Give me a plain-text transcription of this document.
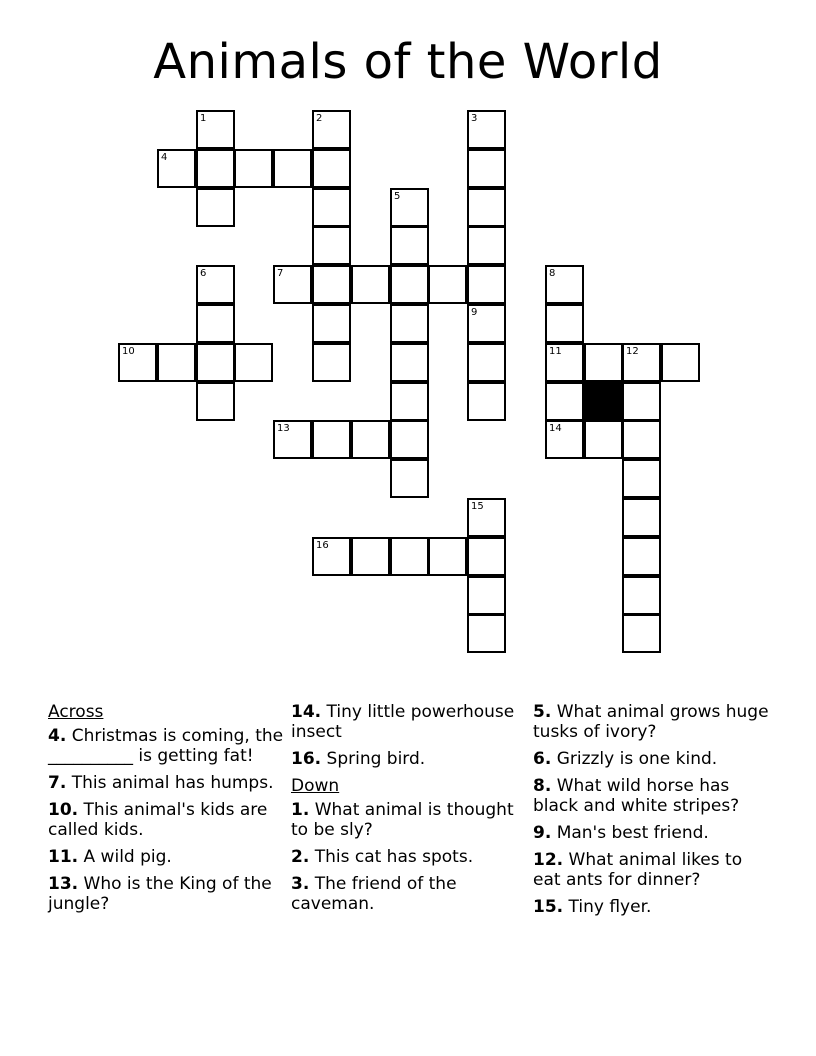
Animals of the World
1	2	3
4
5
6	7	8
9
10	11	12
13	14
15
16
Across
4. Christmas is coming, the __________ is getting fat!
7. This animal has humps.
10. This animal's kids are called kids.
11. A wild pig.
13. Who is the King of the jungle?
14. Tiny little powerhouse insect
16. Spring bird.
Down
1. What animal is thought to be sly?
2. This cat has spots.
3. The friend of the caveman.
5. What animal grows huge tusks of ivory?
6. Grizzly is one kind.
8. What wild horse has black and white stripes?
9. Man's best friend.
12. What animal likes to eat ants for dinner?
15. Tiny flyer.
